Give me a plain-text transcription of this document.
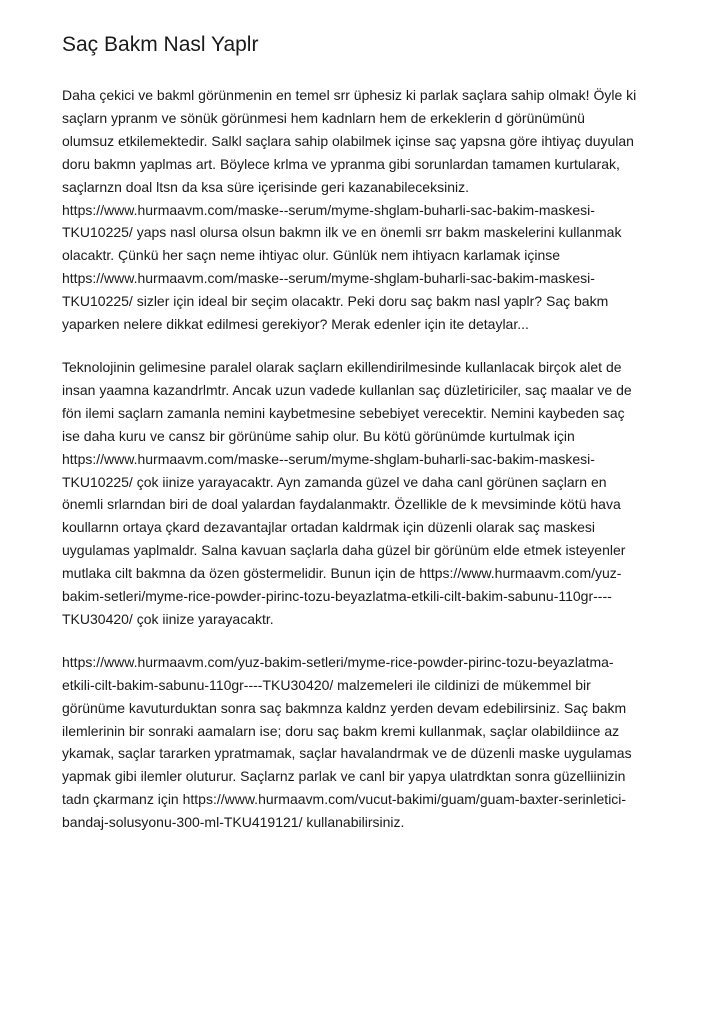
Saç Bakm Nasl Yaplr
Daha çekici ve bakml görünmenin en temel srr üphesiz ki parlak saçlara sahip olmak! Öyle ki
saçlarn ypranm ve sönük görünmesi hem kadnlarn hem de erkeklerin d görünümünü
olumsuz etkilemektedir. Salkl saçlara sahip olabilmek içinse saç yapsna göre ihtiyaç duyulan
doru bakmn yaplmas art. Böylece krlma ve ypranma gibi sorunlardan tamamen kurtularak,
saçlarnzn doal ltsn da ksa süre içerisinde geri kazanabileceksiniz.
https://www.hurmaavm.com/maske--serum/myme-shglam-buharli-sac-bakim-maskesi-
TKU10225/ yaps nasl olursa olsun bakmn ilk ve en önemli srr bakm maskelerini kullanmak
olacaktr. Çünkü her saçn neme ihtiyac olur. Günlük nem ihtiyacn karlamak içinse
https://www.hurmaavm.com/maske--serum/myme-shglam-buharli-sac-bakim-maskesi-
TKU10225/ sizler için ideal bir seçim olacaktr. Peki doru saç bakm nasl yaplr? Saç bakm
yaparken nelere dikkat edilmesi gerekiyor? Merak edenler için ite detaylar...
Teknolojinin gelimesine paralel olarak saçlarn ekillendirilmesinde kullanlacak birçok alet de
insan yaamna kazandrlmtr. Ancak uzun vadede kullanlan saç düzletiriciler, saç maalar ve de
fön ilemi saçlarn zamanla nemini kaybetmesine sebebiyet verecektir. Nemini kaybeden saç
ise daha kuru ve cansz bir görünüme sahip olur. Bu kötü görünümde kurtulmak için
https://www.hurmaavm.com/maske--serum/myme-shglam-buharli-sac-bakim-maskesi-
TKU10225/ çok iinize yarayacaktr. Ayn zamanda güzel ve daha canl görünen saçlarn en
önemli srlarndan biri de doal yalardan faydalanmaktr. Özellikle de k mevsiminde kötü hava
koullarnn ortaya çkard dezavantajlar ortadan kaldrmak için düzenli olarak saç maskesi
uygulamas yaplmaldr. Salna kavuan saçlarla daha güzel bir görünüm elde etmek isteyenler
mutlaka cilt bakmna da özen göstermelidir. Bunun için de https://www.hurmaavm.com/yuz-
bakim-setleri/myme-rice-powder-pirinc-tozu-beyazlatma-etkili-cilt-bakim-sabunu-110gr----
TKU30420/ çok iinize yarayacaktr.
https://www.hurmaavm.com/yuz-bakim-setleri/myme-rice-powder-pirinc-tozu-beyazlatma-
etkili-cilt-bakim-sabunu-110gr----TKU30420/ malzemeleri ile cildinizi de mükemmel bir
görünüme kavuturduktan sonra saç bakmnza kaldnz yerden devam edebilirsiniz. Saç bakm
ilemlerinin bir sonraki aamalarn ise; doru saç bakm kremi kullanmak, saçlar olabildiince az
ykamak, saçlar tararken ypratmamak, saçlar havalandrmak ve de düzenli maske uygulamas
yapmak gibi ilemler oluturur. Saçlarnz parlak ve canl bir yapya ulatrdktan sonra güzelliinizin
tadn çkarmanz için https://www.hurmaavm.com/vucut-bakimi/guam/guam-baxter-serinletici-
bandaj-solusyonu-300-ml-TKU419121/ kullanabilirsiniz.
